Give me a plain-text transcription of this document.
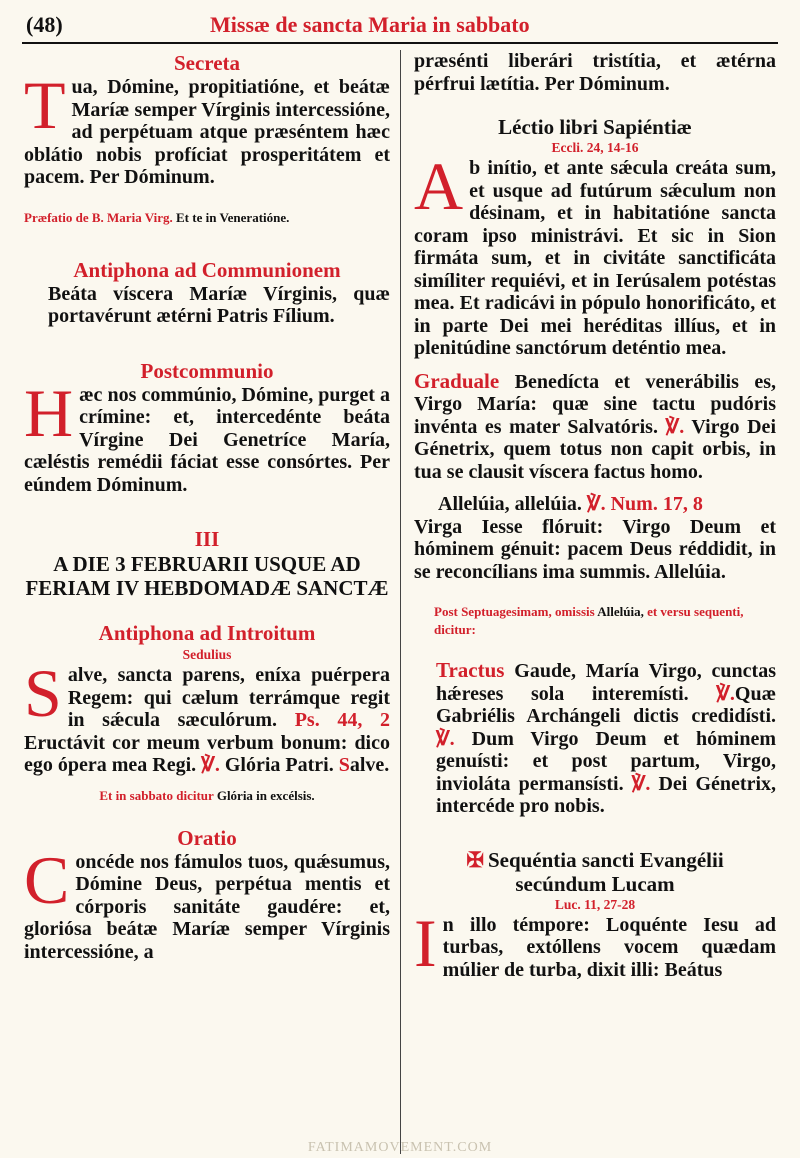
(48)	Missæ de sancta Maria in sabbato

Secreta

Tua, Dómine, propitiatióne, et beátæ Maríæ semper Vírginis intercessióne, ad perpétuam atque præséntem hæc oblátio nobis profíciat prosperitátem et pacem. Per Dóminum.

Præfatio de B. Maria Virg. Et te in Veneratióne.

Antiphona ad Communionem

Beáta víscera Maríæ Vírginis, quæ portavérunt ætérni Patris Fílium.

Postcommunio

Hæc nos commúnio, Dómine, purget a crímine: et, intercedénte beáta Vírgine Dei Genetríce María, cæléstis remédii fáciat esse consórtes. Per eúndem Dóminum.

III

A DIE 3 FEBRUARII USQUE AD FERIAM IV HEBDOMADÆ SANCTÆ

Antiphona ad Introitum

Sedulius

Salve, sancta parens, eníxa puérpera Regem: qui cælum terrámque regit in sǽcula sæculórum. Ps. 44, 2 Eructávit cor meum verbum bonum: dico ego ópera mea Regi. ℣. Glória Patri. Salve.

Et in sabbato dicitur Glória in excélsis.

Oratio

Concéde nos fámulos tuos, quǽsumus, Dómine Deus, perpétua mentis et córporis sanitáte gaudére: et, gloriósa beátæ Maríæ semper Vírginis intercessióne, a

præsénti liberári tristítia, et ætérna pérfrui lætítia. Per Dóminum.

Léctio libri Sapiéntiæ

Eccli. 24, 14-16

Ab inítio, et ante sǽcula creáta sum, et usque ad futúrum sǽculum non désinam, et in habitatióne sancta coram ipso ministrávi. Et sic in Sion firmáta sum, et in civitáte sanctificáta simíliter requiévi, et in Ierúsalem potéstas mea. Et radicávi in pópulo honorificáto, et in parte Dei mei heréditas illíus, et in plenitúdine sanctórum deténtio mea.

Graduale Benedícta et venerábilis es, Virgo María: quæ sine tactu pudóris invénta es mater Salvatóris. ℣. Virgo Dei Génetrix, quem totus non capit orbis, in tua se clausit víscera factus homo.

Allelúia, allelúia. ℣. Num. 17, 8

Virga Iesse flóruit: Virgo Deum et hóminem génuit: pacem Deus réddidit, in se reconcílians ima summis. Allelúia.

Post Septuagesimam, omissis Allelúia, et versu sequenti, dicitur:

Tractus Gaude, María Virgo, cunctas hǽreses sola interemísti. ℣.Quæ Gabriélis Archángeli dictis credidísti. ℣. Dum Virgo Deum et hóminem genuísti: et post partum, Virgo, invioláta permansísti. ℣. Dei Génetrix, intercéde pro nobis.

✠ Sequéntia sancti Evangélii

secúndum Lucam

Luc. 11, 27-28

In illo témpore: Loquénte Iesu ad turbas, extóllens vocem quædam múlier de turba, dixit illi: Beátus

FATIMAMOVEMENT.COM
